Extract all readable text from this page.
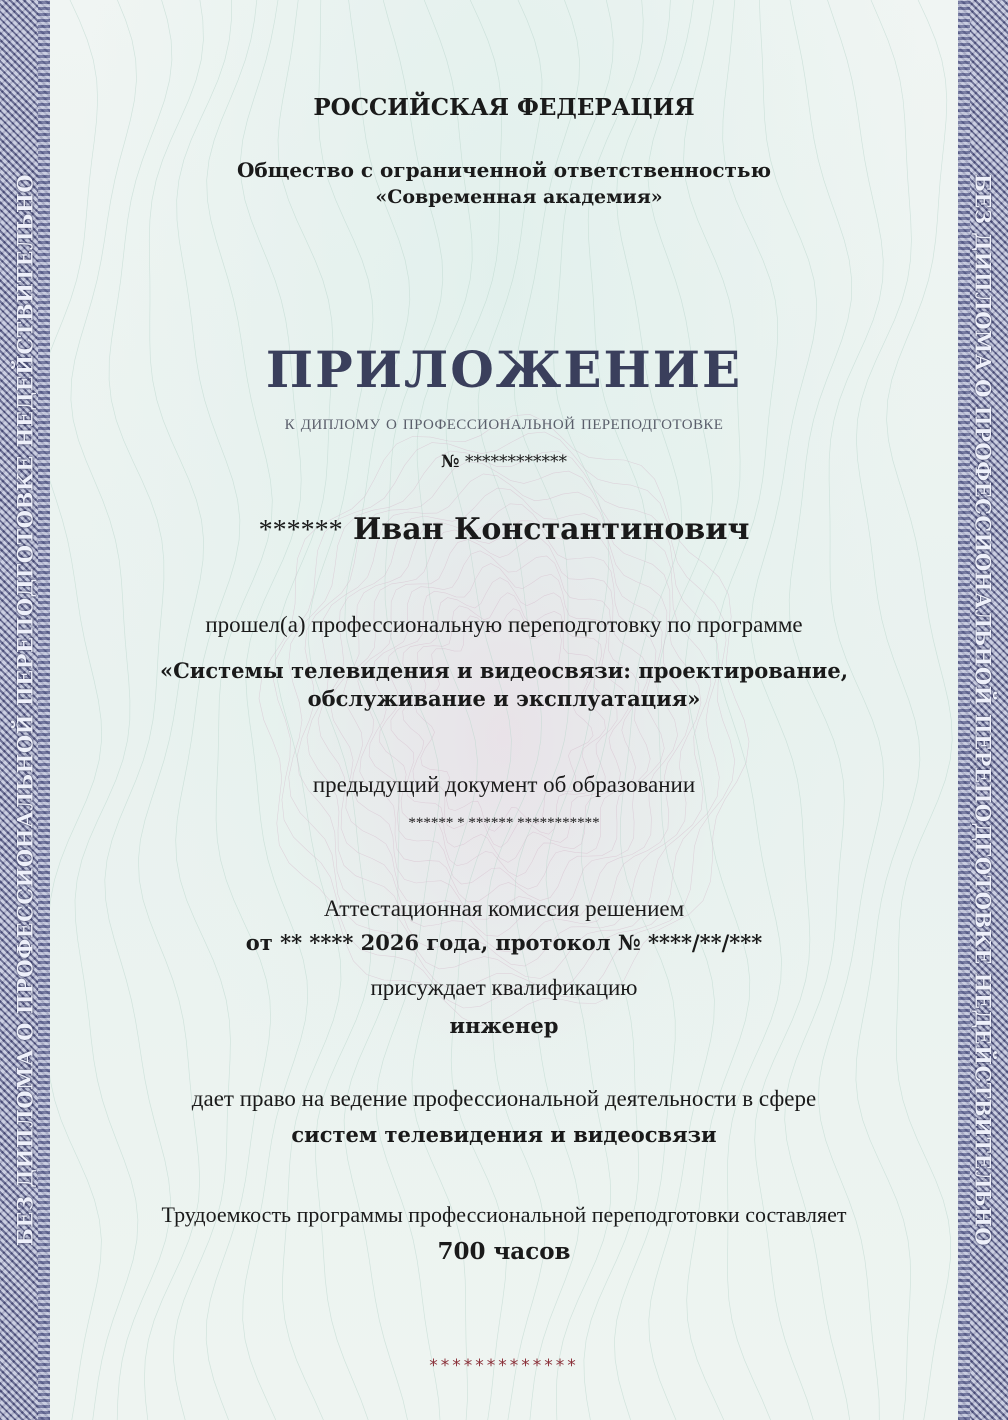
БЕЗ ДИПЛОМА О ПРОФЕССИОНАЛЬНОЙ ПЕРЕПОДГОТОВКЕ НЕДЕЙСТВИТЕЛЬНО	БЕЗ ДИПЛОМА О ПРОФЕССИОНАЛЬНОЙ ПЕРЕПОДГОТОВКЕ НЕДЕЙСТВИТЕЛЬНО
РОССИЙСКАЯ ФЕДЕРАЦИЯ
Общество с ограниченной ответственностью
«Современная академия»
ПРИЛОЖЕНИЕ
к диплому о профессиональной переподготовке
№ ************
****** Иван Константинович
прошел(а) профессиональную переподготовку по программе
«Системы телевидения и видеосвязи: проектирование,
обслуживание и эксплуатация»
предыдущий документ об образовании
****** * ****** ***********
Аттестационная комиссия решением
от ** **** 2026 года, протокол № ****/**/***
присуждает квалификацию
инженер
дает право на ведение профессиональной деятельности в сфере
систем телевидения и видеосвязи
Трудоемкость программы профессиональной переподготовки составляет
700 часов
*************
